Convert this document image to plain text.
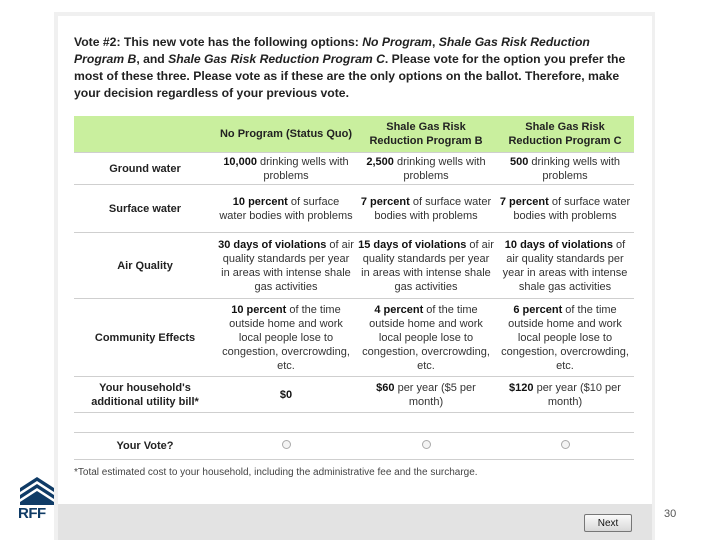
Vote #2: This new vote has the following options: No Program, Shale Gas Risk Reduction Program B, and Shale Gas Risk Reduction Program C. Please vote for the option you prefer the most of these three. Please vote as if these are the only options on the ballot. Therefore, make your decision regardless of your previous vote.
	No Program (Status Quo)	Shale Gas Risk Reduction Program B	Shale Gas Risk Reduction Program C
Ground water	10,000 drinking wells with problems	2,500 drinking wells with problems	500 drinking wells with problems
Surface water	10 percent of surface water bodies with problems	7 percent of surface water bodies with problems	7 percent of surface water bodies with problems
Air Quality	30 days of violations of air quality standards per year in areas with intense shale gas activities	15 days of violations of air quality standards per year in areas with intense shale gas activities	10 days of violations of air quality standards per year in areas with intense shale gas activities
Community Effects	10 percent of the time outside home and work local people lose to congestion, overcrowding, etc.	4 percent of the time outside home and work local people lose to congestion, overcrowding, etc.	6 percent of the time outside home and work local people lose to congestion, overcrowding, etc.
Your household's additional utility bill*	$0	$60 per year ($5 per month)	$120 per year ($10 per month)

Your Vote?			
*Total estimated cost to your household, including the administrative fee and the surcharge.
Next
RFF	30
